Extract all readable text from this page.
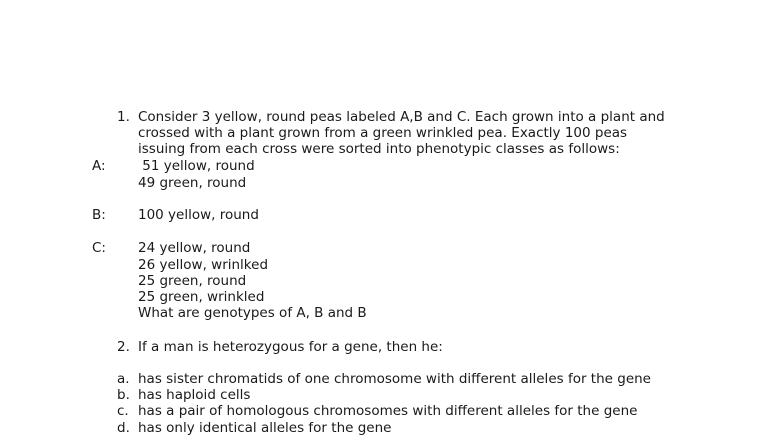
1. Consider 3 yellow, round peas labeled A,B and C. Each grown into a plant and
crossed with a plant grown from a green wrinkled pea. Exactly 100 peas
issuing from each cross were sorted into phenotypic classes as follows:
A: 51 yellow, round
49 green, round
B: 100 yellow, round
C: 24 yellow, round
26 yellow, wrinlked
25 green, round
25 green, wrinkled
What are genotypes of A, B and B
2. If a man is heterozygous for a gene, then he:
a. has sister chromatids of one chromosome with different alleles for the gene
b. has haploid cells
c. has a pair of homologous chromosomes with different alleles for the gene
d. has only identical alleles for the gene
